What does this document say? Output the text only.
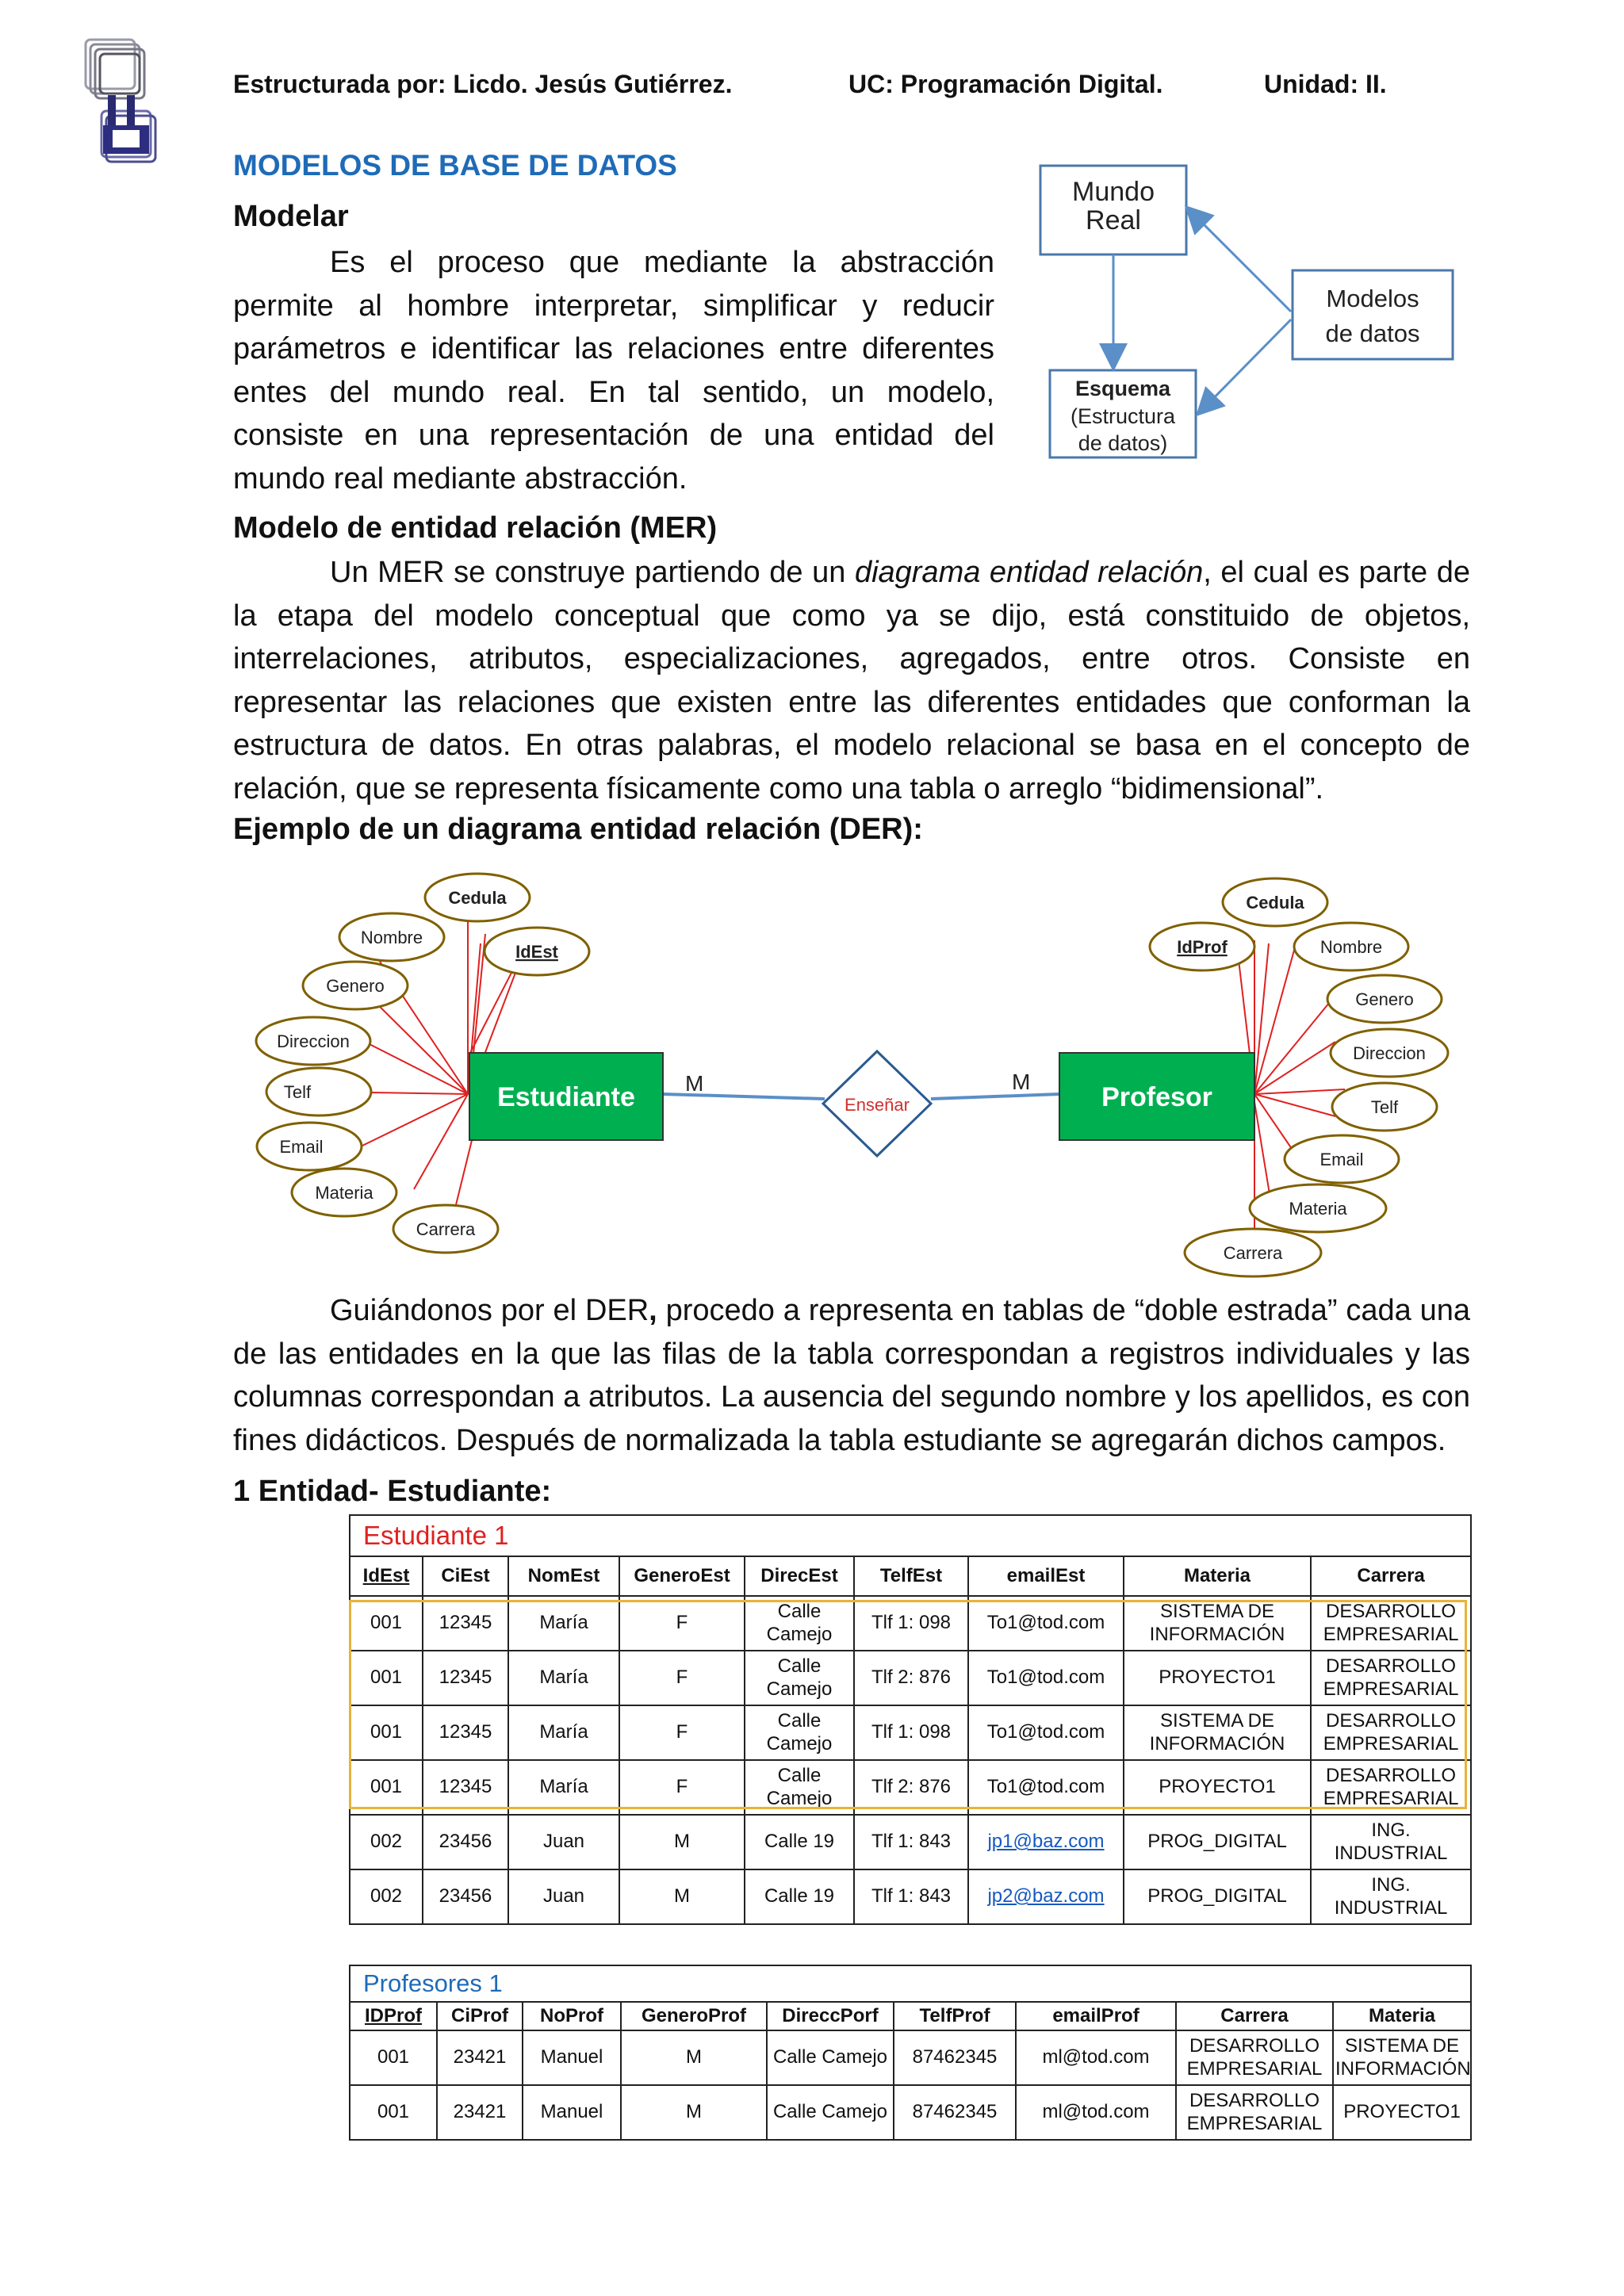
Estructurada por: Licdo. Jesús Gutiérrez.	UC: Programación Digital.	Unidad: II.
MODELOS DE BASE DE DATOS
Modelar

Es el proceso que mediante la abstracción permite al hombre interpretar, simplificar y reducir parámetros e identificar las relaciones entre diferentes entes del mundo real. En tal sentido, un modelo, consiste en una representación de una entidad del mundo real mediante abstracción.

Mundo
Real
Modelos
de datos
Esquema
(Estructura
de datos)
Modelo de entidad relación (MER)

Un MER se construye partiendo de un diagrama entidad relación, el cual es parte de la etapa del modelo conceptual que como ya se dijo, está constituido de objetos, interrelaciones, atributos, especializaciones, agregados, entre otros. Consiste en representar las relaciones que existen entre las diferentes entidades que conforman la estructura de datos. En otras palabras, el modelo relacional se basa en el concepto de relación, que se representa físicamente como una tabla o arreglo “bidimensional”.

Ejemplo de un diagrama entidad relación (DER):
Estudiante	Profesor
Enseñar
M	M
Cedula
Nombre
IdEst
Genero
Direccion
Telf
Email
Materia
Carrera
Cedula
IdProf	Nombre
Genero
Direccion
Telf
Email
Materia
Carrera

Guiándonos por el DER, procedo a representa en tablas de “doble estrada” cada una de las entidades en la que las filas de la tabla correspondan a registros individuales y las columnas correspondan a atributos. La ausencia del segundo nombre y los apellidos, es con fines didácticos. Después de normalizada la tabla estudiante se agregarán dichos campos.

1 Entidad- Estudiante:
Estudiante 1								
IdEst	CiEst	NomEst	GeneroEst	DirecEst	TelfEst	emailEst	Materia	Carrera
001	12345	María	F	Calle Camejo	Tlf 1: 098	To1@tod.com	SISTEMA DE INFORMACIÓN	DESARROLLO EMPRESARIAL
001	12345	María	F	Calle Camejo	Tlf 2: 876	To1@tod.com	PROYECTO1	DESARROLLO EMPRESARIAL
001	12345	María	F	Calle Camejo	Tlf 1: 098	To1@tod.com	SISTEMA DE INFORMACIÓN	DESARROLLO EMPRESARIAL
001	12345	María	F	Calle Camejo	Tlf 2: 876	To1@tod.com	PROYECTO1	DESARROLLO EMPRESARIAL
002	23456	Juan	M	Calle 19	Tlf 1: 843	jp1@baz.com	PROG_DIGITAL	ING. INDUSTRIAL
002	23456	Juan	M	Calle 19	Tlf 1: 843	jp2@baz.com	PROG_DIGITAL	ING. INDUSTRIAL
Profesores 1								
IDProf	CiProf	NoProf	GeneroProf	DireccPorf	TelfProf	emailProf	Carrera	Materia
001	23421	Manuel	M	Calle Camejo	87462345	ml@tod.com	DESARROLLO EMPRESARIAL	SISTEMA DE INFORMACIÓN
001	23421	Manuel	M	Calle Camejo	87462345	ml@tod.com	DESARROLLO EMPRESARIAL	PROYECTO1
